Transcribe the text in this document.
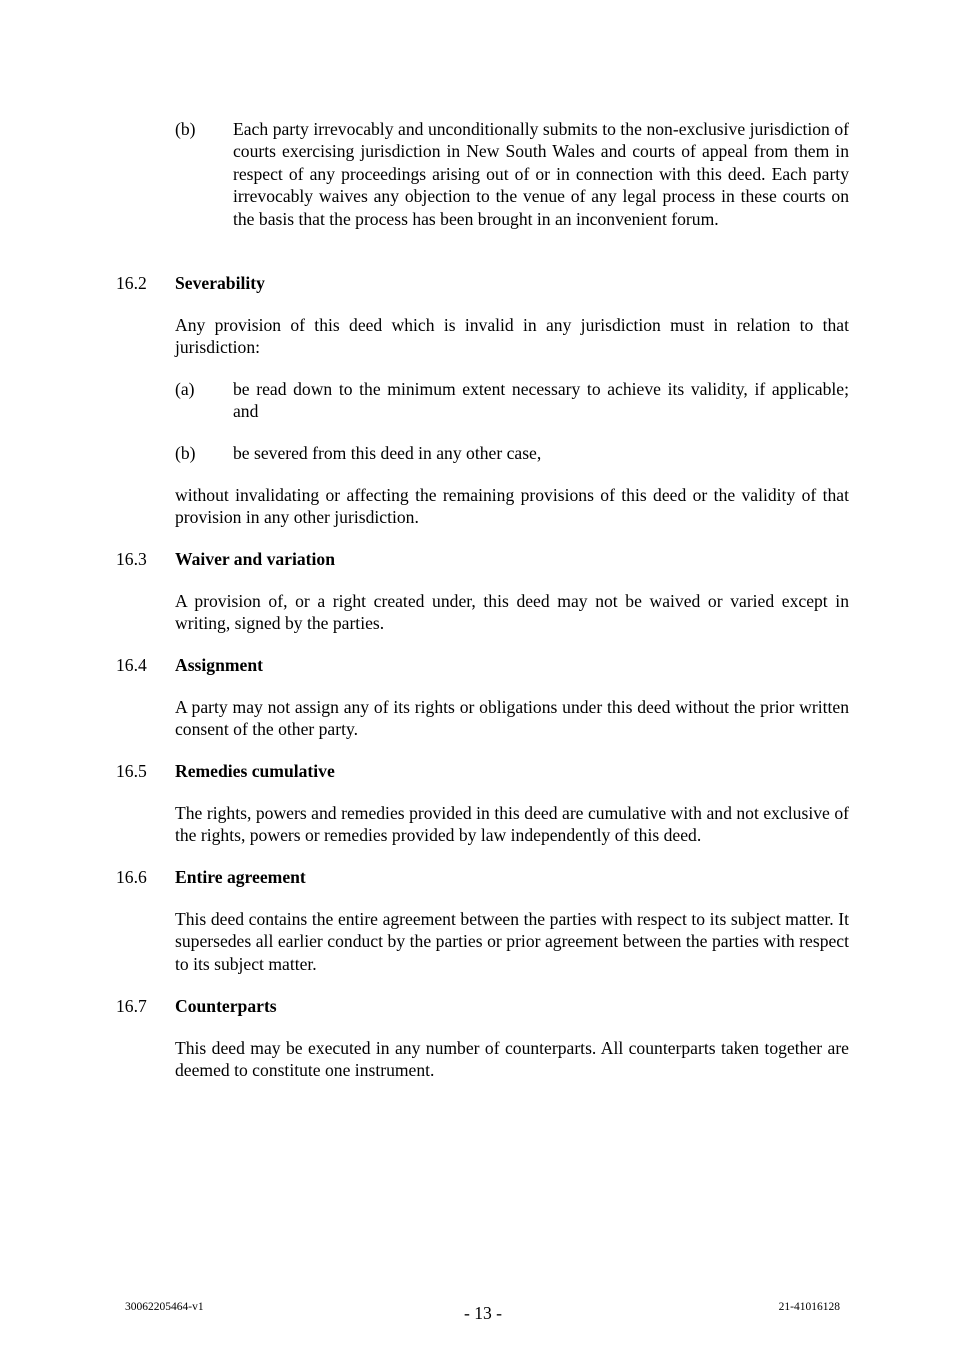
(b)	Each party irrevocably and unconditionally submits to the non-exclusive jurisdiction of courts exercising jurisdiction in New South Wales and courts of appeal from them in respect of any proceedings arising out of or in connection with this deed. Each party irrevocably waives any objection to the venue of any legal process in these courts on the basis that the process has been brought in an inconvenient forum.
16.2	Severability
Any provision of this deed which is invalid in any jurisdiction must in relation to that jurisdiction:
(a)	be read down to the minimum extent necessary to achieve its validity, if applicable; and
(b)	be severed from this deed in any other case,
without invalidating or affecting the remaining provisions of this deed or the validity of that provision in any other jurisdiction.
16.3	Waiver and variation
A provision of, or a right created under, this deed may not be waived or varied except in writing, signed by the parties.
16.4	Assignment
A party may not assign any of its rights or obligations under this deed without the prior written consent of the other party.
16.5	Remedies cumulative
The rights, powers and remedies provided in this deed are cumulative with and not exclusive of the rights, powers or remedies provided by law independently of this deed.
16.6	Entire agreement
This deed contains the entire agreement between the parties with respect to its subject matter. It supersedes all earlier conduct by the parties or prior agreement between the parties with respect to its subject matter.
16.7	Counterparts
This deed may be executed in any number of counterparts. All counterparts taken together are deemed to constitute one instrument.
30062205464-v1	- 13 -	21-41016128
